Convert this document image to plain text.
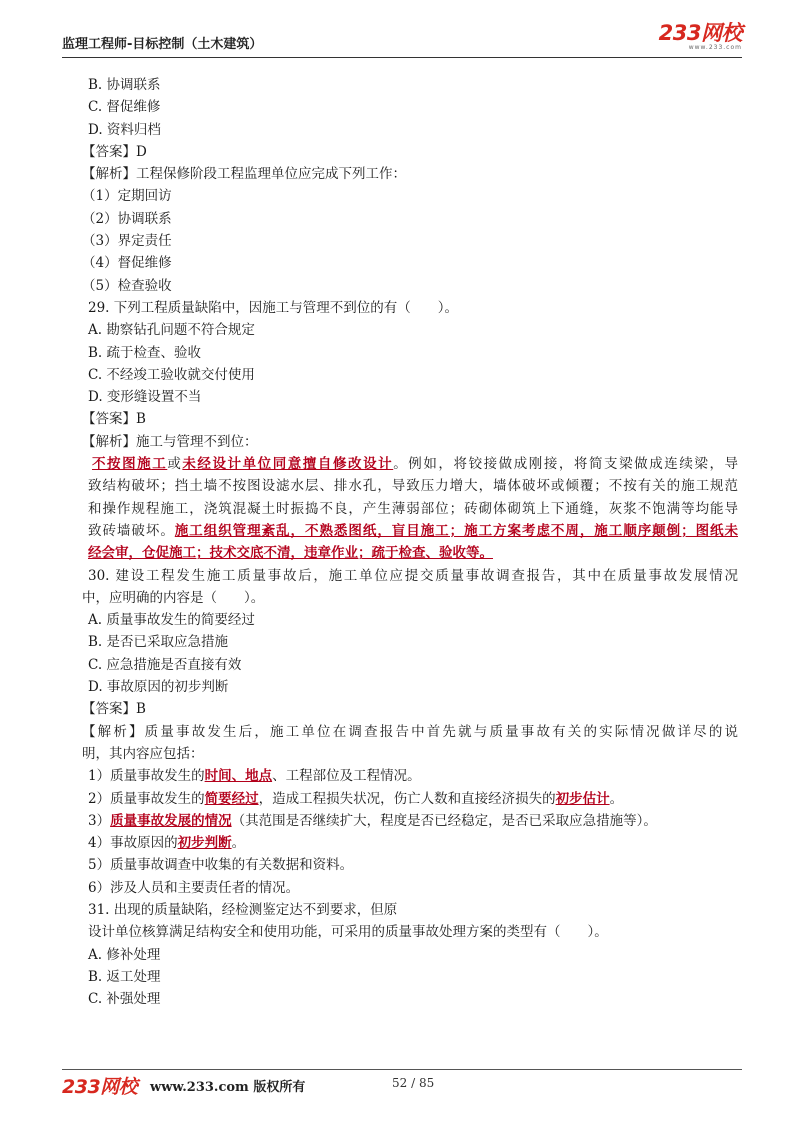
监理工程师-目标控制（土木建筑）	233网校
www.233.com
B. 协调联系
C. 督促维修
D. 资料归档
【答案】D
【解析】工程保修阶段工程监理单位应完成下列工作：
（1）定期回访
（2）协调联系
（3）界定责任
（4）督促维修
（5）检查验收
29. 下列工程质量缺陷中，因施工与管理不到位的有（　　）。
A. 勘察钻孔问题不符合规定
B. 疏于检查、验收
C. 不经竣工验收就交付使用
D. 变形缝设置不当
【答案】B
【解析】施工与管理不到位：
不按图施工或未经设计单位同意擅自修改设计。例如，将铰接做成刚接，将简支梁做成连续梁，导
致结构破坏；挡土墙不按图设滤水层、排水孔，导致压力增大，墙体破坏或倾覆；不按有关的施工规范
和操作规程施工，浇筑混凝土时振捣不良，产生薄弱部位；砖砌体砌筑上下通缝，灰浆不饱满等均能导
致砖墙破坏。施工组织管理紊乱，不熟悉图纸，盲目施工；施工方案考虑不周，施工顺序颠倒；图纸未
经会审，仓促施工；技术交底不清，违章作业；疏于检查、验收等。
30. 建设工程发生施工质量事故后，施工单位应提交质量事故调查报告，其中在质量事故发展情况
中，应明确的内容是（　　）。
A. 质量事故发生的简要经过
B. 是否已采取应急措施
C. 应急措施是否直接有效
D. 事故原因的初步判断
【答案】B
【解析】质量事故发生后，施工单位在调查报告中首先就与质量事故有关的实际情况做详尽的说
明，其内容应包括：
1）质量事故发生的时间、地点、工程部位及工程情况。
2）质量事故发生的简要经过，造成工程损失状况，伤亡人数和直接经济损失的初步估计。
3）质量事故发展的情况（其范围是否继续扩大，程度是否已经稳定，是否已采取应急措施等）。
4）事故原因的初步判断。
5）质量事故调查中收集的有关数据和资料。
6）涉及人员和主要责任者的情况。
31. 出现的质量缺陷，经检测鉴定达不到要求，但原
设计单位核算满足结构安全和使用功能，可采用的质量事故处理方案的类型有（　　）。
A. 修补处理
B. 返工处理
C. 补强处理
233网校 www.233.com 版权所有	52 / 85
